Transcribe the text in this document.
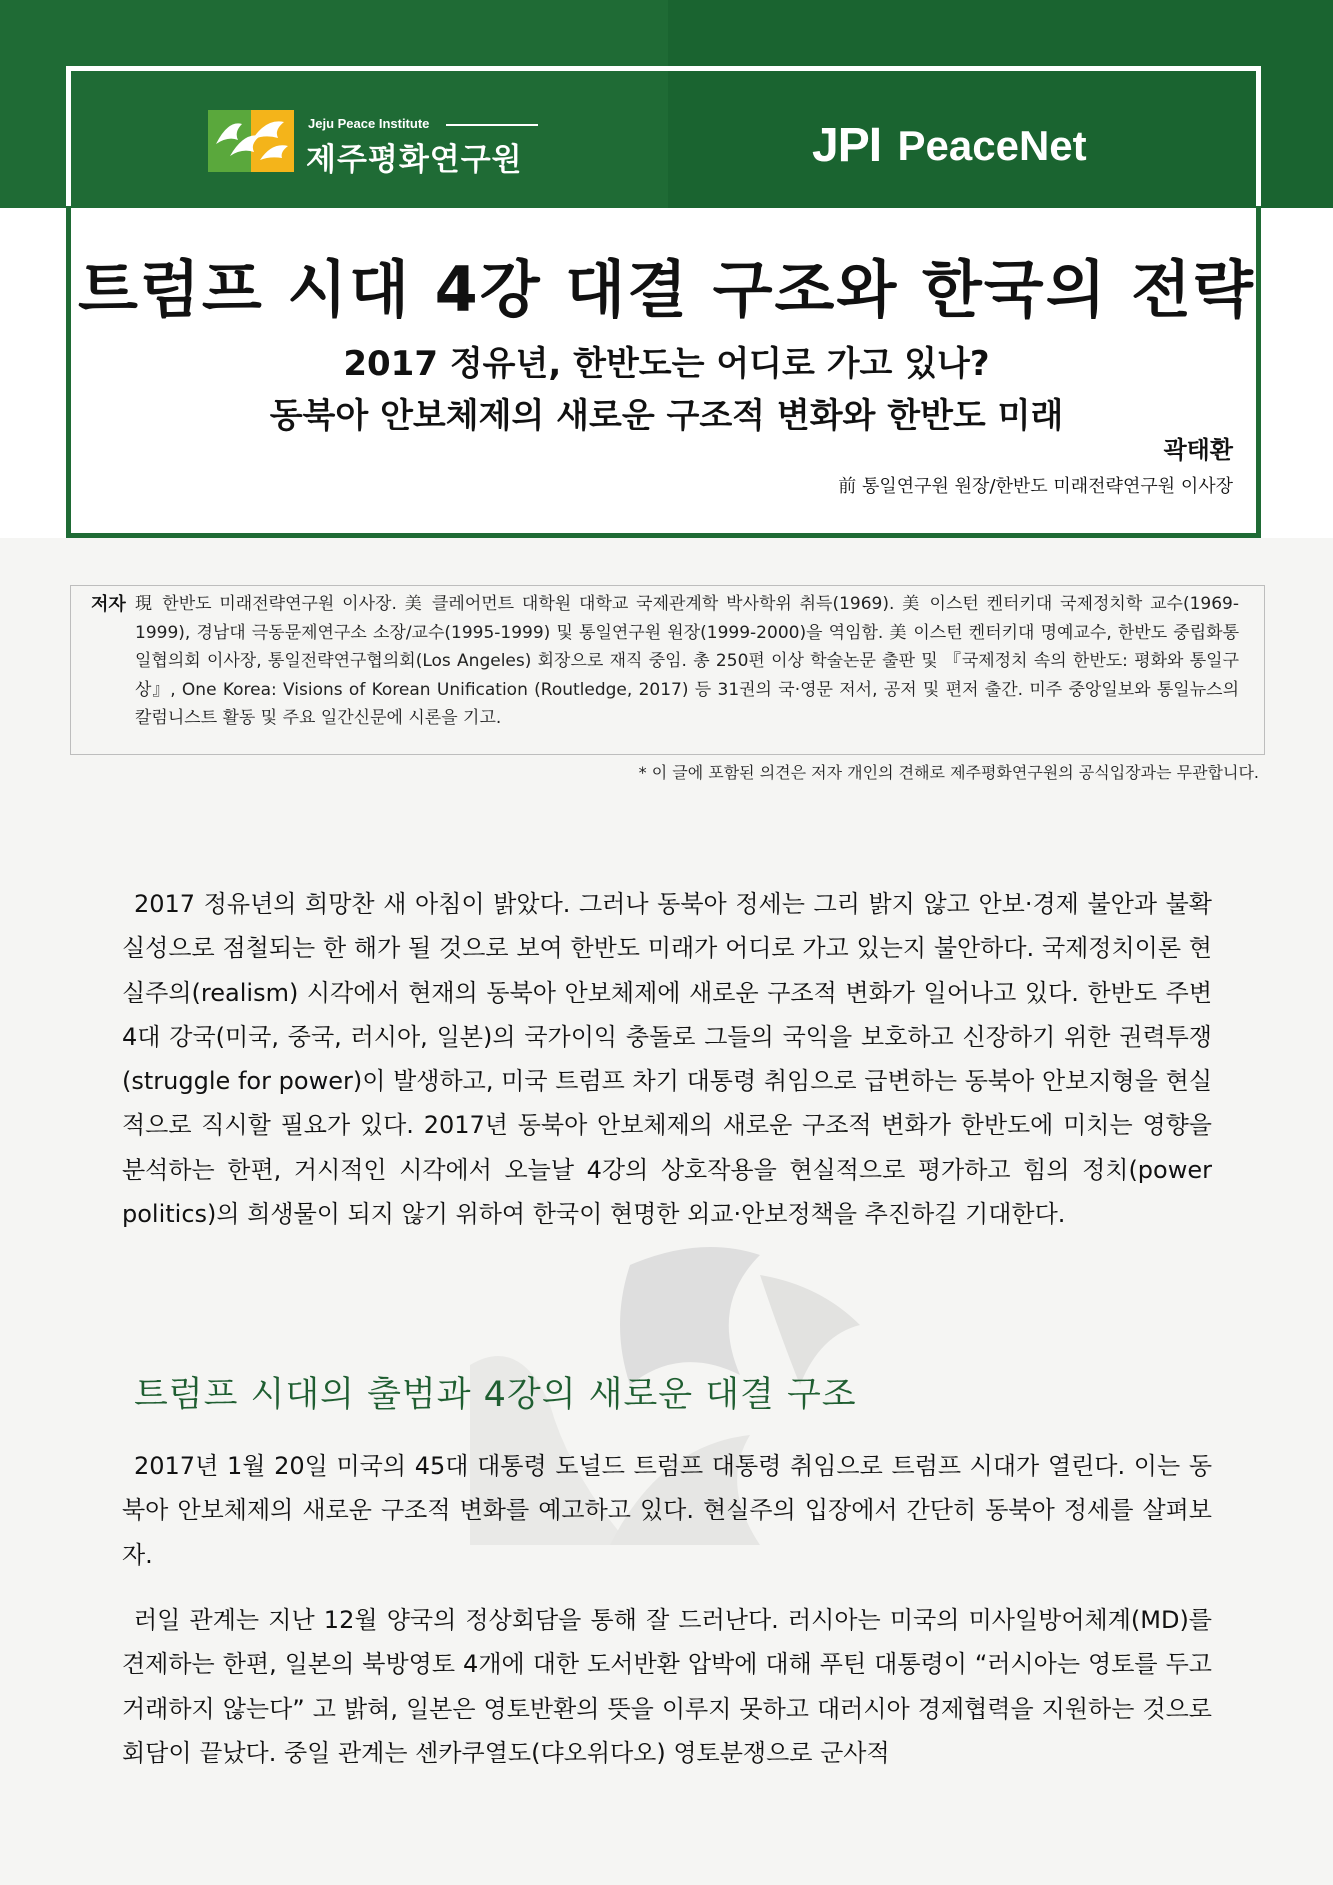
Jeju Peace Institute
제주평화연구원	JPI PeaceNet
트럼프 시대 4강 대결 구조와 한국의 전략
2017 정유년, 한반도는 어디로 가고 있나?
동북아 안보체제의 새로운 구조적 변화와 한반도 미래
곽태환
前 통일연구원 원장/한반도 미래전략연구원 이사장
저자 現 한반도 미래전략연구원 이사장. 美 클레어먼트 대학원 대학교 국제관계학 박사학위 취득(1969). 美 이스턴 켄터키대 국제정치학 교수(1969-1999), 경남대 극동문제연구소 소장/교수(1995-1999) 및 통일연구원 원장(1999-2000)을 역임함. 美 이스턴 켄터키대 명예교수, 한반도 중립화통일협의회 이사장, 통일전략연구협의회(Los Angeles) 회장으로 재직 중임. 총 250편 이상 학술논문 출판 및 『국제정치 속의 한반도: 평화와 통일구상』, One Korea: Visions of Korean Unification (Routledge, 2017) 등 31권의 국·영문 저서, 공저 및 편저 출간. 미주 중앙일보와 통일뉴스의 칼럼니스트 활동 및 주요 일간신문에 시론을 기고.
* 이 글에 포함된 의견은 저자 개인의 견해로 제주평화연구원의 공식입장과는 무관합니다.
2017 정유년의 희망찬 새 아침이 밝았다. 그러나 동북아 정세는 그리 밝지 않고 안보·경제 불안과 불확실성으로 점철되는 한 해가 될 것으로 보여 한반도 미래가 어디로 가고 있는지 불안하다. 국제정치이론 현실주의(realism) 시각에서 현재의 동북아 안보체제에 새로운 구조적 변화가 일어나고 있다. 한반도 주변 4대 강국(미국, 중국, 러시아, 일본)의 국가이익 충돌로 그들의 국익을 보호하고 신장하기 위한 권력투쟁(struggle for power)이 발생하고, 미국 트럼프 차기 대통령 취임으로 급변하는 동북아 안보지형을 현실적으로 직시할 필요가 있다. 2017년 동북아 안보체제의 새로운 구조적 변화가 한반도에 미치는 영향을 분석하는 한편, 거시적인 시각에서 오늘날 4강의 상호작용을 현실적으로 평가하고 힘의 정치(power politics)의 희생물이 되지 않기 위하여 한국이 현명한 외교·안보정책을 추진하길 기대한다.
트럼프 시대의 출범과 4강의 새로운 대결 구조
2017년 1월 20일 미국의 45대 대통령 도널드 트럼프 대통령 취임으로 트럼프 시대가 열린다. 이는 동북아 안보체제의 새로운 구조적 변화를 예고하고 있다. 현실주의 입장에서 간단히 동북아 정세를 살펴보자.
러일 관계는 지난 12월 양국의 정상회담을 통해 잘 드러난다. 러시아는 미국의 미사일방어체계(MD)를 견제하는 한편, 일본의 북방영토 4개에 대한 도서반환 압박에 대해 푸틴 대통령이 “러시아는 영토를 두고 거래하지 않는다” 고 밝혀, 일본은 영토반환의 뜻을 이루지 못하고 대러시아 경제협력을 지원하는 것으로 회담이 끝났다. 중일 관계는 센카쿠열도(댜오위다오) 영토분쟁으로 군사적
